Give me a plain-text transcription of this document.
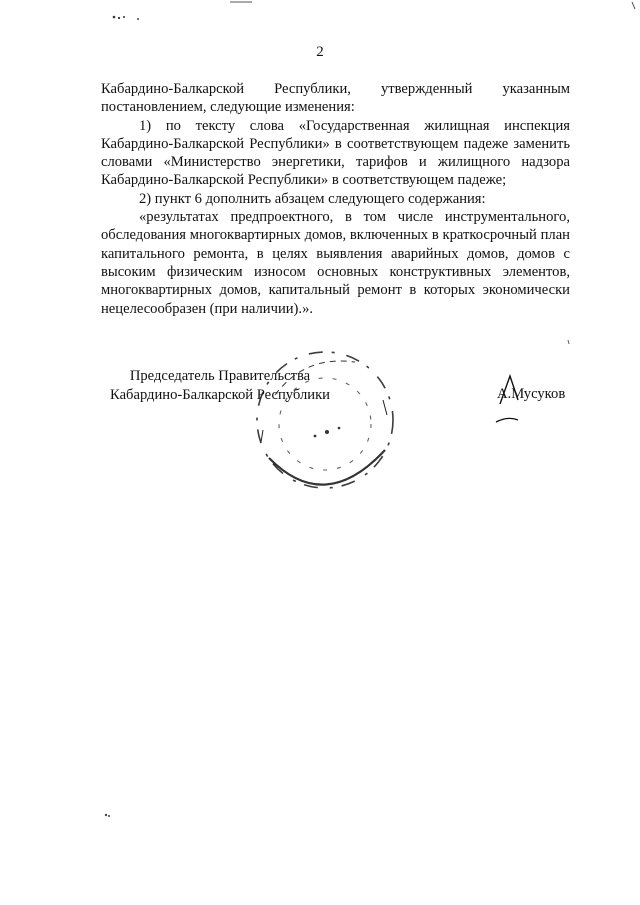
2

Кабардино-Балкарской Республики, утвержденный указанным постановлением, следующие изменения:

1) по тексту слова «Государственная жилищная инспекция Кабардино-Балкарской Республики» в соответствующем падеже заменить словами «Министерство энергетики, тарифов и жилищного надзора Кабардино-Балкарской Республики» в соответствующем падеже;

2) пункт 6 дополнить абзацем следующего содержания:

«результатах предпроектного, в том числе инструментального, обследования многоквартирных домов, включенных в краткосрочный план капитального ремонта, в целях выявления аварийных домов, домов с высоким физическим износом основных конструктивных элементов, многоквартирных домов, капитальный ремонт в которых экономически нецелесообразен (при наличии).».

Председатель Правительства
Кабардино-Балкарской Республики	А.Мусуков
